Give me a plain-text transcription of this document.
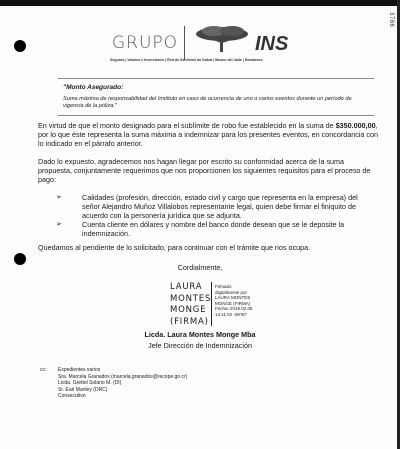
3786
GRUPO	INS
Seguros | Valores e Inversiones | Red de Servicios de Salud | Museo del Jade | Bomberos
"Monto Asegurado:
Suma máxima de responsabilidad del Instituto en caso de ocurrencia de uno o varios eventos durante un período de vigencia de la póliza."
En virtud de que el monto designado para el sublímite de robo fue establecido en la suma de $350.000,00, por lo que éste representa la suma máxima a indemnizar para los presentes eventos, en concordancia con lo indicado en el párrafo anterior.
Dado lo expuesto, agradecemos nos hagan llegar por escrito su conformidad acerca de la suma propuesta, conjuntamente requerimos que nos proporcionen los siguientes requisitos para el proceso de pago:
➢	Calidades (profesión, dirección, estado civil y cargo que representa en la empresa) del señor Alejandro Muñoz Villalobos representante legal, quien debe firmar el finiquito de acuerdo con la personería jurídica que se adjunta.
➢	Cuenta cliente en dólares y nombre del banco donde desean que se le deposite la indemnización.
Quedamos al pendiente de lo solicitado, para continuar con el trámite que nos ocupa.
Cordialmente,
LAURA
MONTES
MONGE
(FIRMA)
Firmado
digitalmente por
LAURA MONTES
MONGE (FIRMA)
Fecha: 2019.02.06
14:11:02 -06'00'
Licda. Laura Montes Monge Mba
Jefe Dirección de Indemnización
cc: Expedientes varios
Sra. Marcela Granados (marcela.granados@recope.go.cr)
Licda. Grettel Solano M. (DI)
Sr. Earl Manley (DRC)
Consecutivo
